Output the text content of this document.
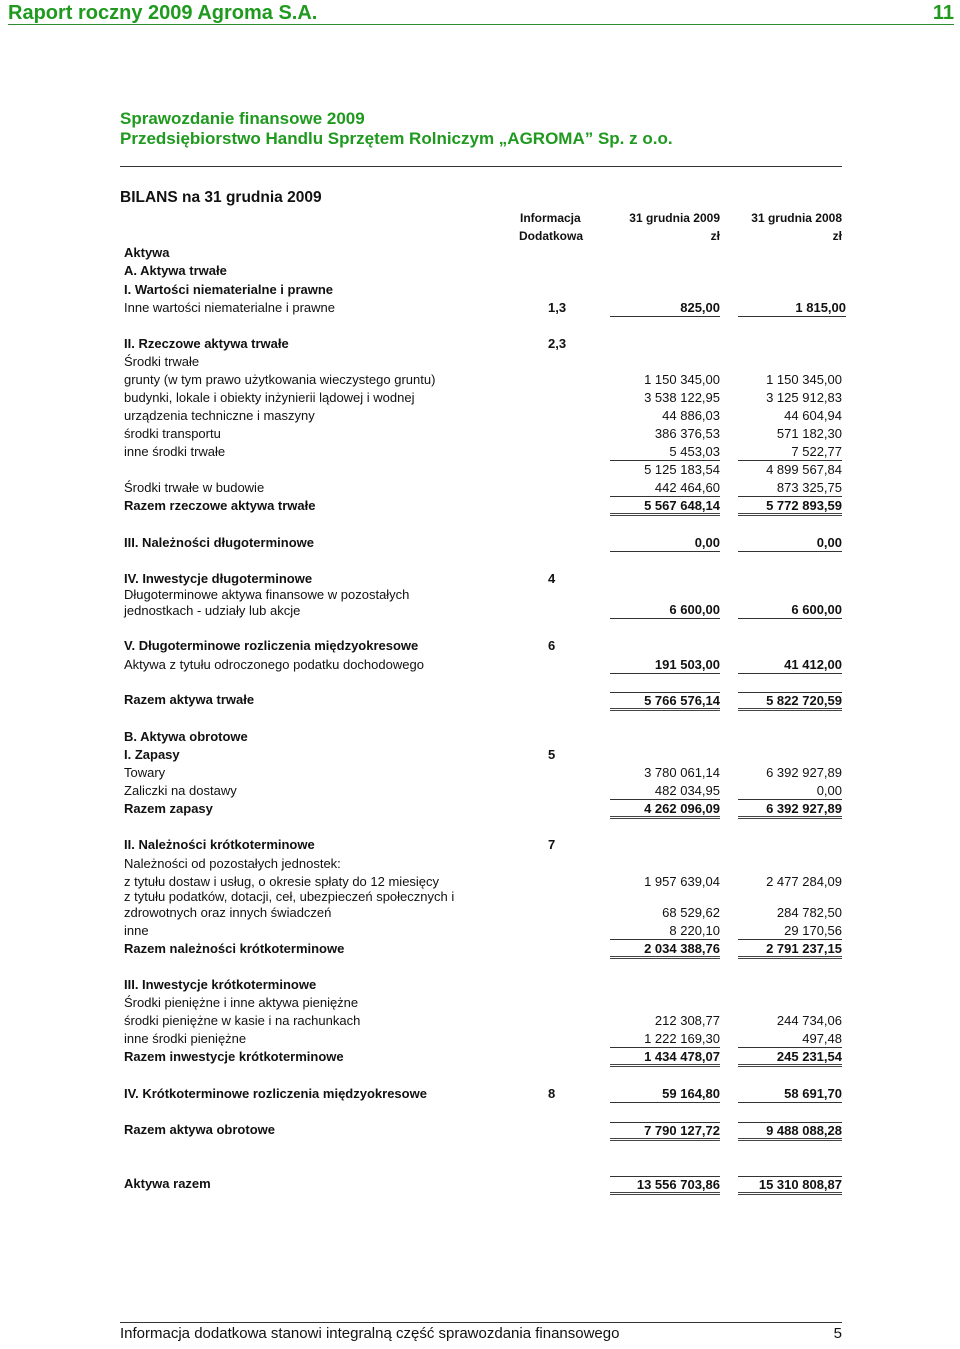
Raport roczny 2009 Agroma S.A.	11
Sprawozdanie finansowe 2009
Przedsiębiorstwo Handlu Sprzętem Rolniczym „AGROMA” Sp. z o.o.
BILANS na 31 grudnia 2009
Informacja
Dodatkowa
31 grudnia 2009
zł
31 grudnia 2008
zł
Aktywa
A. Aktywa trwałe
I. Wartości niematerialne i prawne
Inne wartości niematerialne i prawne	1,3	825,00	1 815,00
II. Rzeczowe aktywa trwałe	2,3
Środki trwałe
grunty (w tym prawo użytkowania wieczystego gruntu)	1 150 345,00	1 150 345,00
budynki, lokale i obiekty inżynierii lądowej i wodnej	3 538 122,95	3 125 912,83
urządzenia techniczne i maszyny	44 886,03	44 604,94
środki transportu	386 376,53	571 182,30
inne środki trwałe	5 453,03	7 522,77
5 125 183,54	4 899 567,84
Środki trwałe w budowie	442 464,60	873 325,75
Razem rzeczowe aktywa trwałe	5 567 648,14	5 772 893,59
III. Należności długoterminowe	0,00	0,00
IV. Inwestycje długoterminowe	4
Długoterminowe aktywa finansowe w pozostałych
jednostkach - udziały lub akcje	6 600,00	6 600,00
V. Długoterminowe rozliczenia międzyokresowe	6
Aktywa z tytułu odroczonego podatku dochodowego	191 503,00	41 412,00
Razem aktywa trwałe	5 766 576,14	5 822 720,59
B. Aktywa obrotowe
I. Zapasy	5
Towary	3 780 061,14	6 392 927,89
Zaliczki na dostawy	482 034,95	0,00
Razem zapasy	4 262 096,09	6 392 927,89
II. Należności krótkoterminowe	7
Należności od pozostałych jednostek:
z tytułu dostaw i usług, o okresie spłaty do 12 miesięcy	1 957 639,04	2 477 284,09
z tytułu podatków, dotacji, ceł, ubezpieczeń społecznych i
zdrowotnych oraz innych świadczeń	68 529,62	284 782,50
inne	8 220,10	29 170,56
Razem należności krótkoterminowe	2 034 388,76	2 791 237,15
III. Inwestycje krótkoterminowe
Środki pieniężne i inne aktywa pieniężne
środki pieniężne w kasie i na rachunkach	212 308,77	244 734,06
inne środki pieniężne	1 222 169,30	497,48
Razem inwestycje krótkoterminowe	1 434 478,07	245 231,54
IV. Krótkoterminowe rozliczenia międzyokresowe	8	59 164,80	58 691,70
Razem aktywa obrotowe	7 790 127,72	9 488 088,28
Aktywa razem	13 556 703,86	15 310 808,87
Informacja dodatkowa stanowi integralną część sprawozdania finansowego	5
